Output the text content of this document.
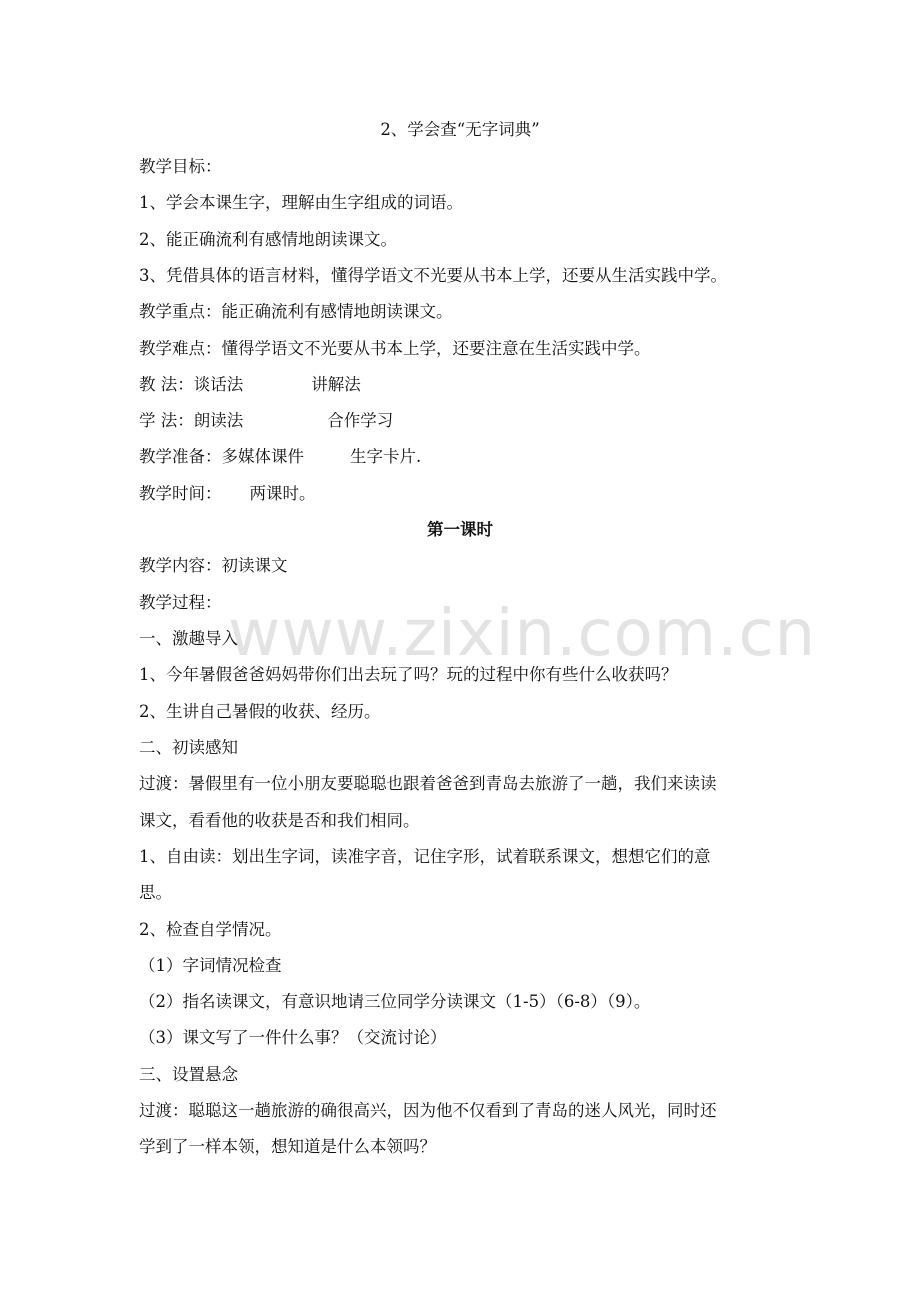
2、学会查“无字词典”
教学目标：
1、学会本课生字，理解由生字组成的词语。
2、能正确流利有感情地朗读课文。
3、凭借具体的语言材料，懂得学语文不光要从书本上学，还要从生活实践中学。
教学重点：能正确流利有感情地朗读课文。
教学难点：懂得学语文不光要从书本上学，还要注意在生活实践中学。
教 法：谈话法	讲解法
学 法：朗读法	合作学习
教学准备：多媒体课件	生字卡片.
教学时间： 两课时。
第一课时
教学内容：初读课文
教学过程：
一、激趣导入
1、今年暑假爸爸妈妈带你们出去玩了吗？玩的过程中你有些什么收获吗？
2、生讲自己暑假的收获、经历。
二、初读感知
过渡：暑假里有一位小朋友要聪聪也跟着爸爸到青岛去旅游了一趟，我们来读读
课文，看看他的收获是否和我们相同。
1、自由读：划出生字词，读准字音，记住字形，试着联系课文，想想它们的意
思。
2、检查自学情况。
（1）字词情况检查
（2）指名读课文，有意识地请三位同学分读课文（1-5）（6-8）（9）。
（3）课文写了一件什么事？（交流讨论）
三、设置悬念
过渡：聪聪这一趟旅游的确很高兴，因为他不仅看到了青岛的迷人风光，同时还
学到了一样本领，想知道是什么本领吗？
www.zixin.com.cn
